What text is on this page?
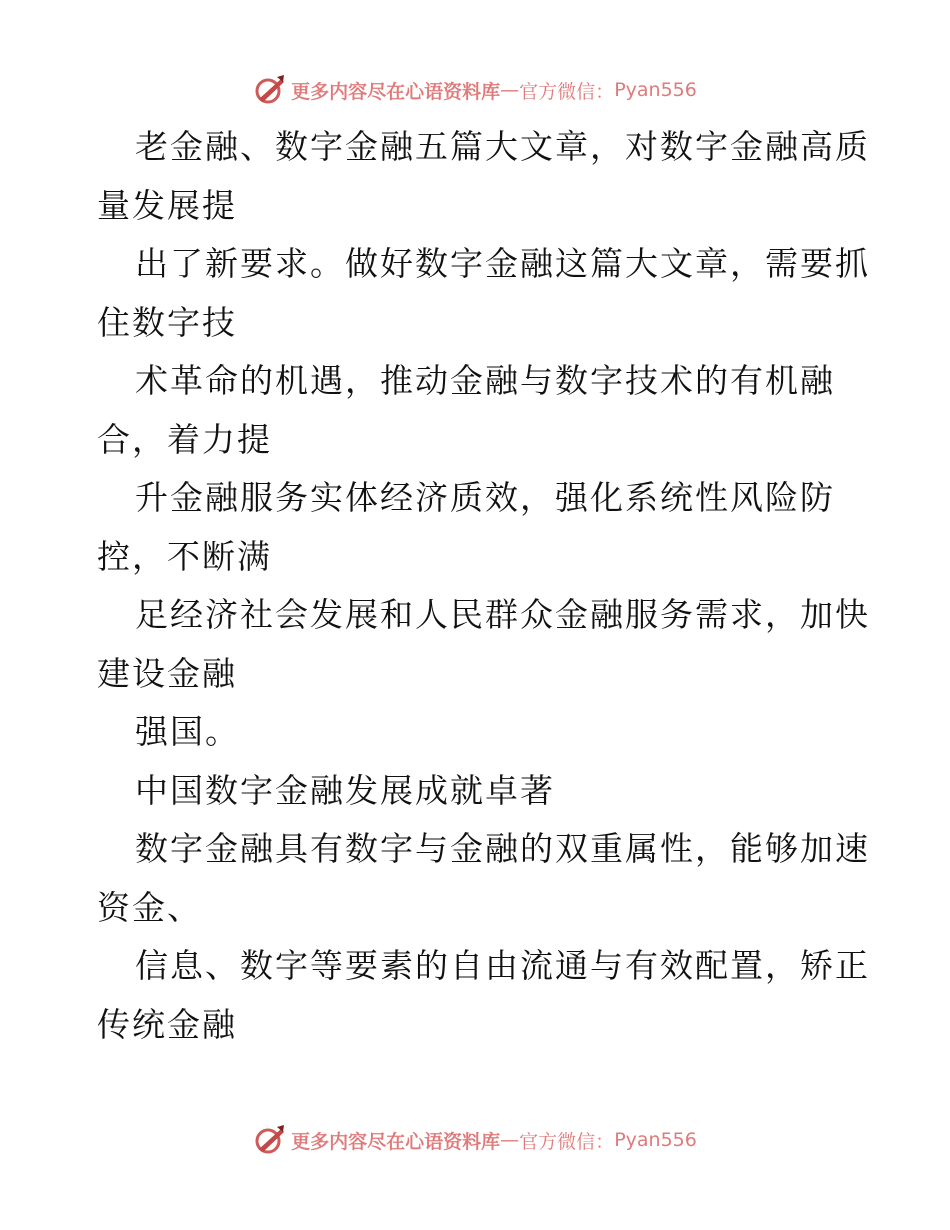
更多内容尽在心语资料库 — 官方微信： Pyan556
老金融、数字金融五篇大文章，对数字金融高质
量发展提
出了新要求。做好数字金融这篇大文章，需要抓
住数字技
术革命的机遇，推动金融与数字技术的有机融
合，着力提
升金融服务实体经济质效，强化系统性风险防
控，不断满
足经济社会发展和人民群众金融服务需求，加快
建设金融
强国。
中国数字金融发展成就卓著
数字金融具有数字与金融的双重属性，能够加速
资金、
信息、数字等要素的自由流通与有效配置，矫正
传统金融
更多内容尽在心语资料库 — 官方微信： Pyan556
